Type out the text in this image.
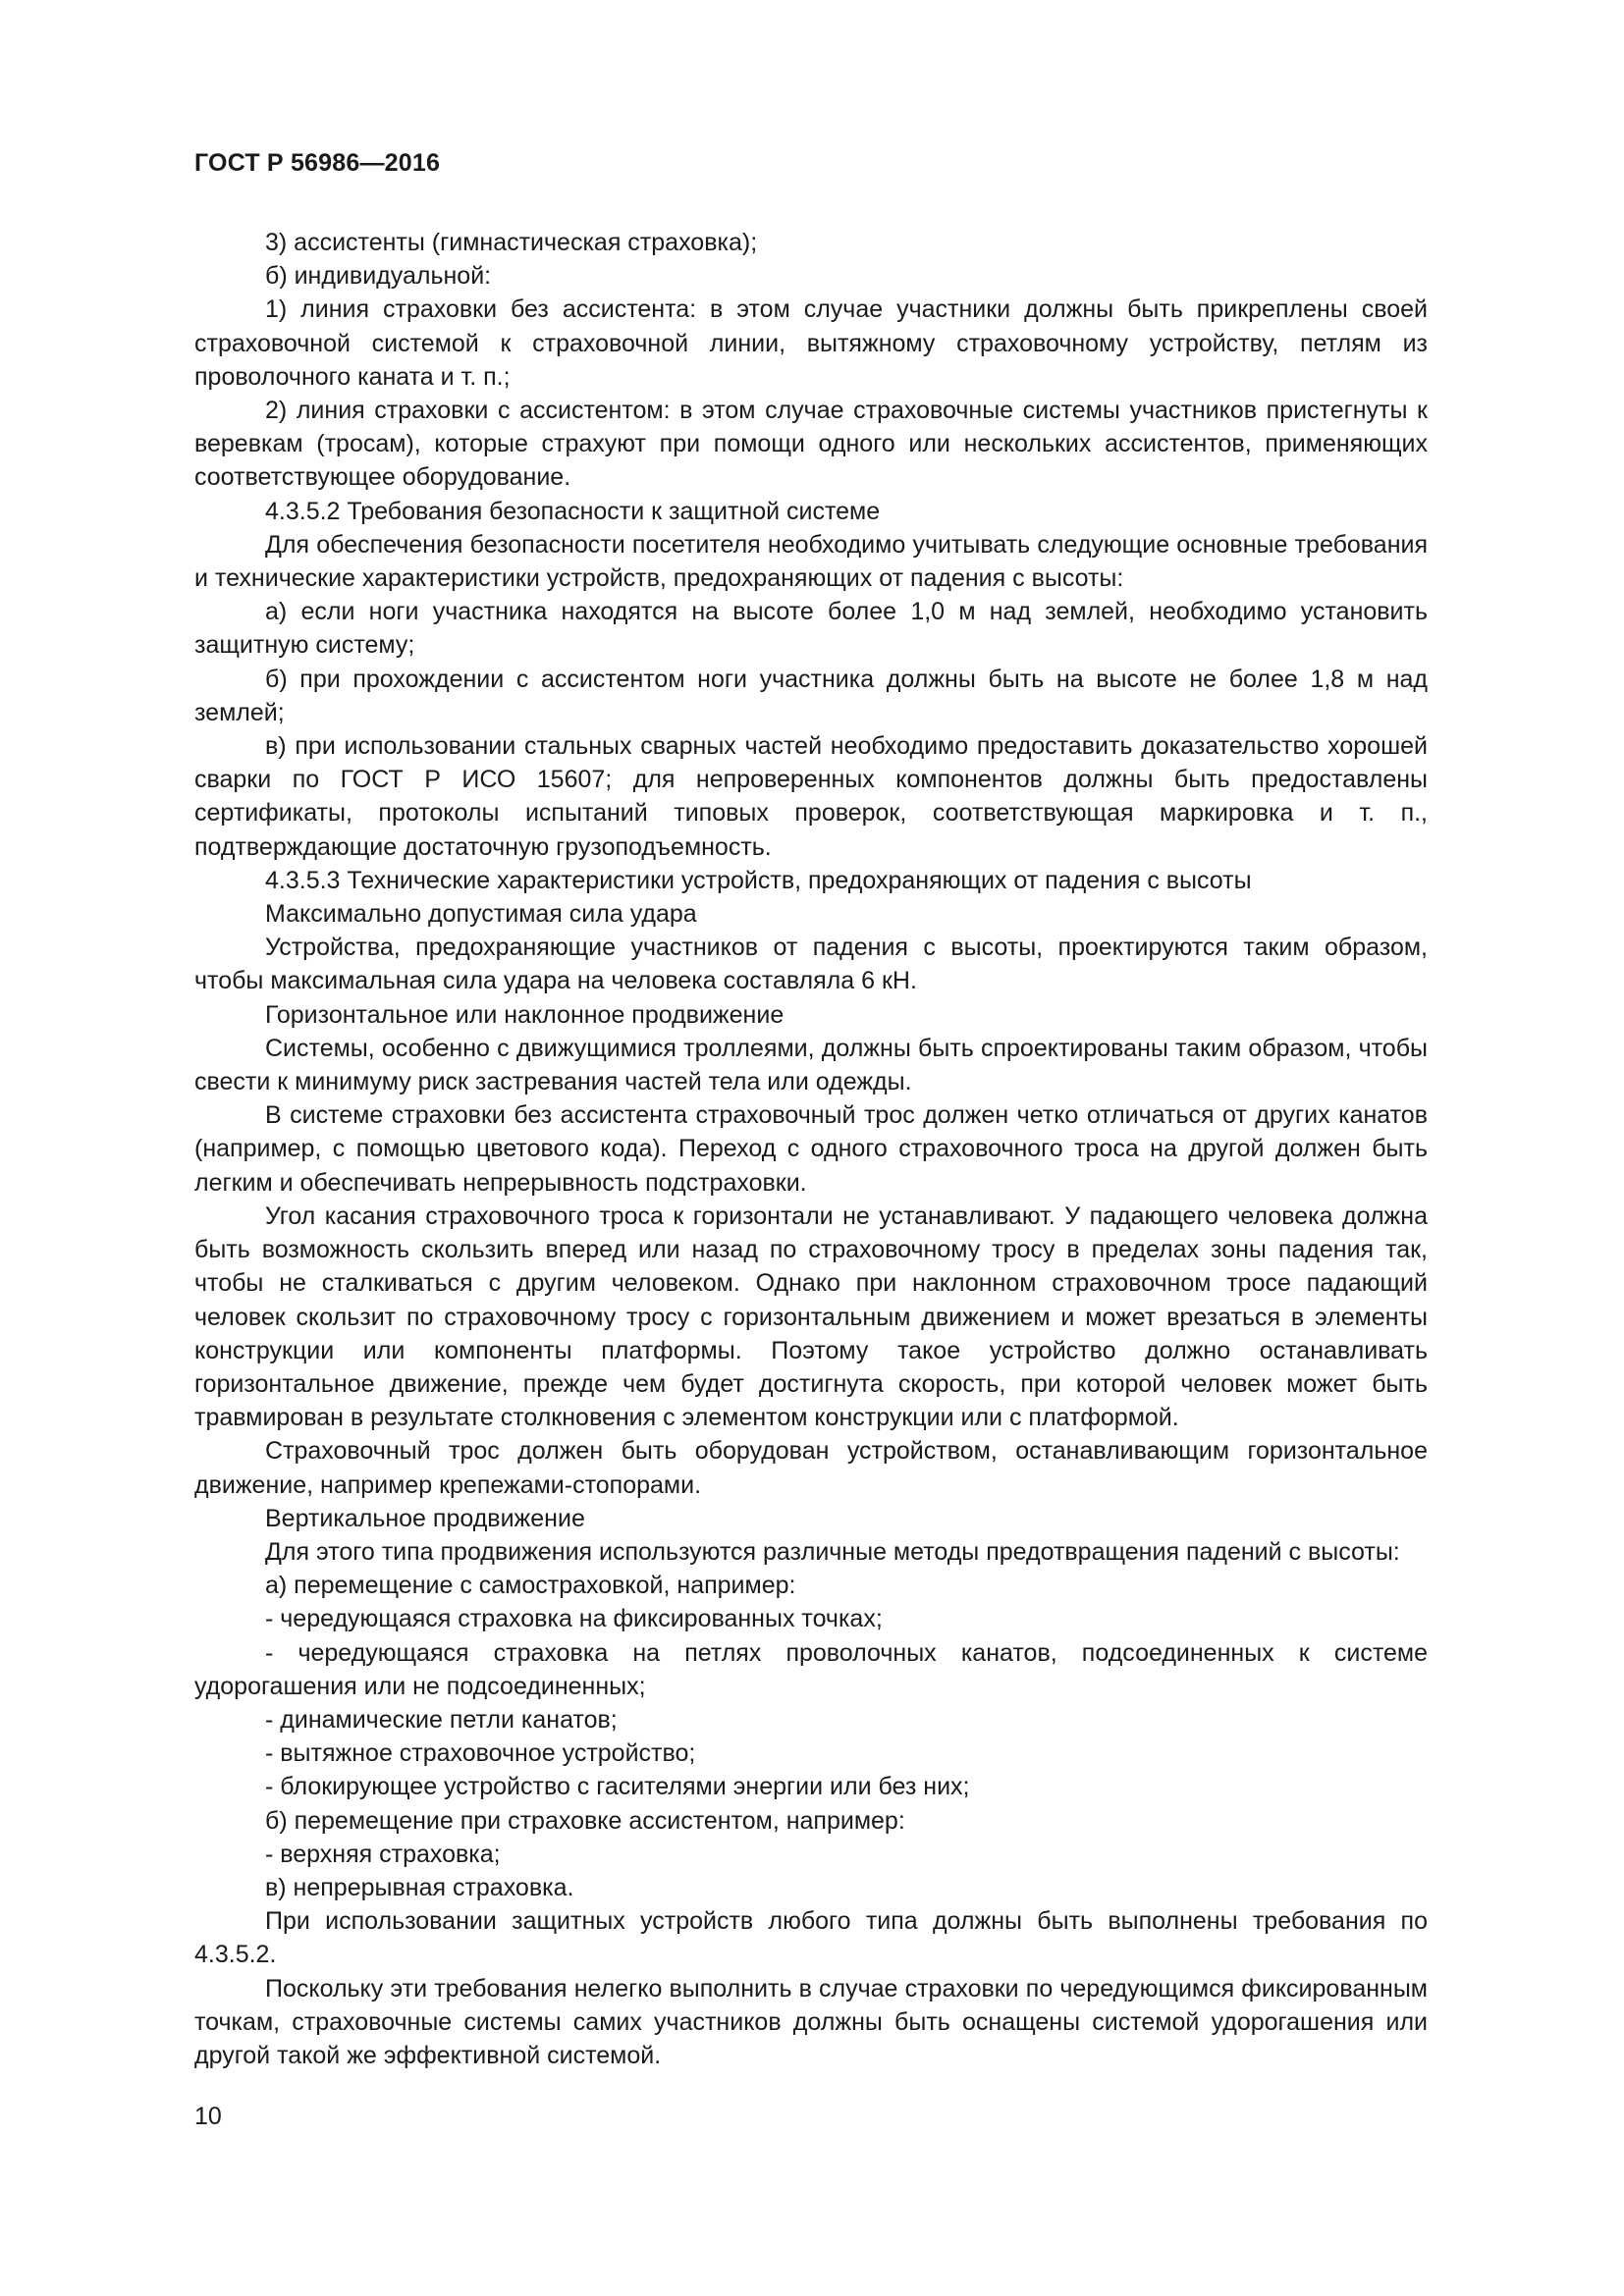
ГОСТ Р 56986—2016

3) ассистенты (гимнастическая страховка);

б) индивидуальной:

1) линия страховки без ассистента: в этом случае участники должны быть прикреплены своей страховочной системой к страховочной линии, вытяжному страховочному устройству, петлям из проволочного каната и т. п.;

2) линия страховки с ассистентом: в этом случае страховочные системы участников пристегнуты к веревкам (тросам), которые страхуют при помощи одного или нескольких ассистентов, применяющих соответствующее оборудование.

4.3.5.2 Требования безопасности к защитной системе

Для обеспечения безопасности посетителя необходимо учитывать следующие основные требования и технические характеристики устройств, предохраняющих от падения с высоты:

а) если ноги участника находятся на высоте более 1,0 м над землей, необходимо установить защитную систему;

б) при прохождении с ассистентом ноги участника должны быть на высоте не более 1,8 м над землей;

в) при использовании стальных сварных частей необходимо предоставить доказательство хорошей сварки по ГОСТ Р ИСО 15607; для непроверенных компонентов должны быть предоставлены сертификаты, протоколы испытаний типовых проверок, соответствующая маркировка и т. п., подтверждающие достаточную грузоподъемность.

4.3.5.3 Технические характеристики устройств, предохраняющих от падения с высоты

Максимально допустимая сила удара

Устройства, предохраняющие участников от падения с высоты, проектируются таким образом, чтобы максимальная сила удара на человека составляла 6 кН.

Горизонтальное или наклонное продвижение

Системы, особенно с движущимися троллеями, должны быть спроектированы таким образом, чтобы свести к минимуму риск застревания частей тела или одежды.

В системе страховки без ассистента страховочный трос должен четко отличаться от других канатов (например, с помощью цветового кода). Переход с одного страховочного троса на другой должен быть легким и обеспечивать непрерывность подстраховки.

Угол касания страховочного троса к горизонтали не устанавливают. У падающего человека должна быть возможность скользить вперед или назад по страховочному тросу в пределах зоны падения так, чтобы не сталкиваться с другим человеком. Однако при наклонном страховочном тросе падающий человек скользит по страховочному тросу с горизонтальным движением и может врезаться в элементы конструкции или компоненты платформы. Поэтому такое устройство должно останавливать горизонтальное движение, прежде чем будет достигнута скорость, при которой человек может быть травмирован в результате столкновения с элементом конструкции или с платформой.

Страховочный трос должен быть оборудован устройством, останавливающим горизонтальное движение, например крепежами-стопорами.

Вертикальное продвижение

Для этого типа продвижения используются различные методы предотвращения падений с высоты:

а) перемещение с самостраховкой, например:

- чередующаяся страховка на фиксированных точках;

- чередующаяся страховка на петлях проволочных канатов, подсоединенных к системе удорогашения или не подсоединенных;

- динамические петли канатов;

- вытяжное страховочное устройство;

- блокирующее устройство с гасителями энергии или без них;

б) перемещение при страховке ассистентом, например:

- верхняя страховка;

в) непрерывная страховка.

При использовании защитных устройств любого типа должны быть выполнены требования по 4.3.5.2.

Поскольку эти требования нелегко выполнить в случае страховки по чередующимся фиксированным точкам, страховочные системы самих участников должны быть оснащены системой удорогашения или другой такой же эффективной системой.

10
